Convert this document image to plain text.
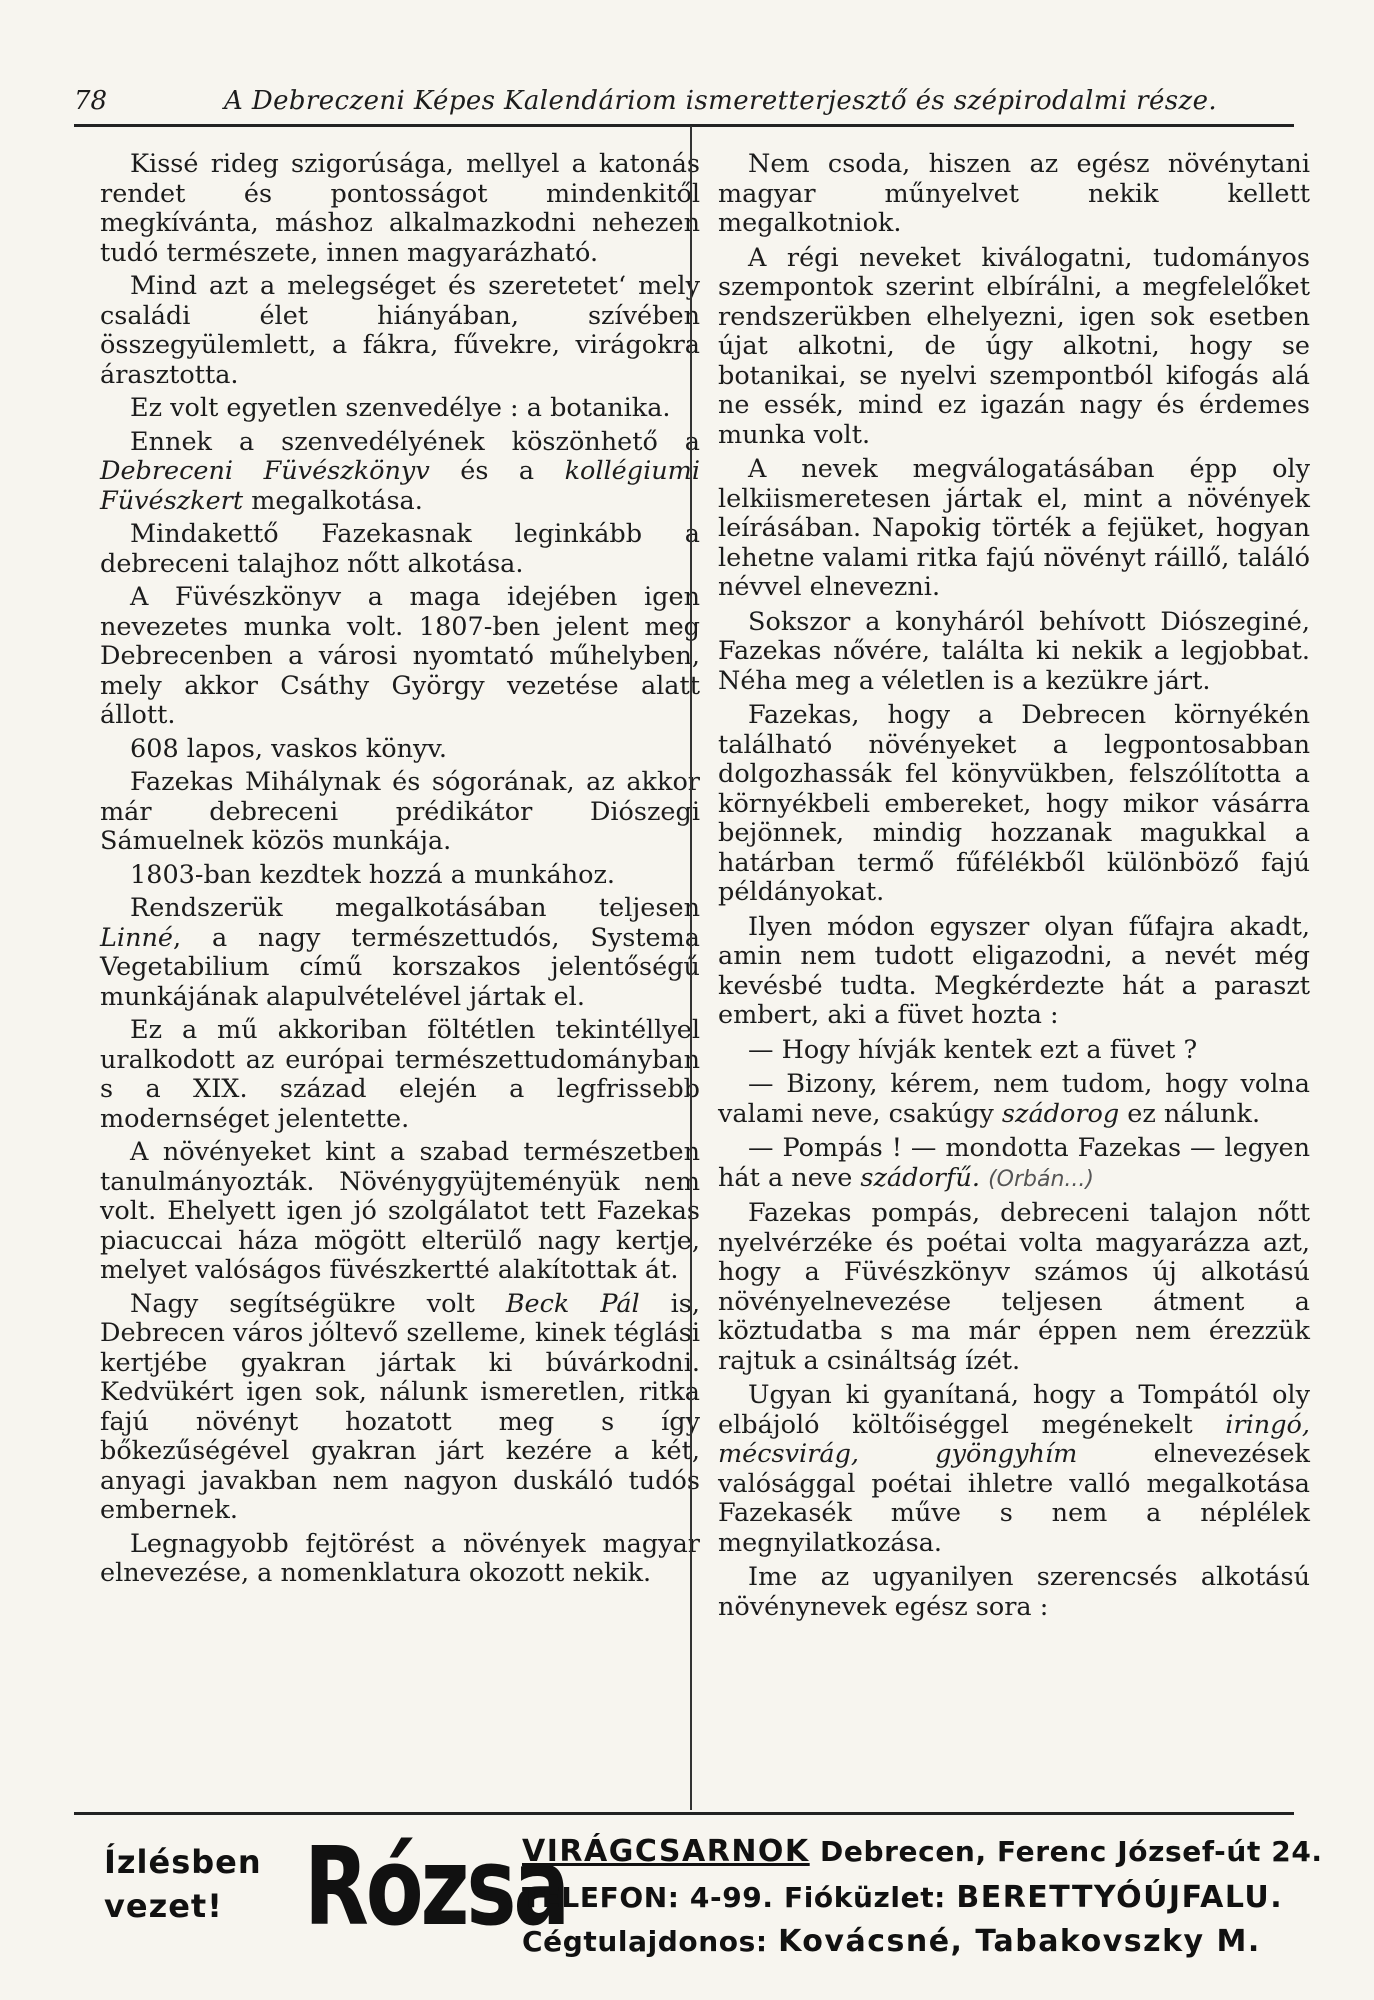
78	A Debreczeni Képes Kalendáriom ismeretterjesztő és szépirodalmi része.

Kissé rideg szigorúsága, mellyel a katonás rendet és pontosságot mindenkitől megkívánta, máshoz alkalmazkodni nehezen tudó természete, innen magyarázható.

Mind azt a melegséget és szeretetet‘ mely családi élet hiányában, szívében összegyülemlett, a fákra, fűvekre, virágokra árasztotta.

Ez volt egyetlen szenvedélye : a botanika.

Ennek a szenvedélyének köszönhető a Debreceni Füvészkönyv és a kollégiumi Füvészkert megalkotása.

Mindakettő Fazekasnak leginkább a debreceni talajhoz nőtt alkotása.

A Füvészkönyv a maga idejében igen nevezetes munka volt. 1807-ben jelent meg Debrecenben a városi nyomtató műhelyben, mely akkor Csáthy György vezetése alatt állott.

608 lapos, vaskos könyv.

Fazekas Mihálynak és sógorának, az akkor már debreceni prédikátor Diószegi Sámuelnek közös munkája.

1803-ban kezdtek hozzá a munkához.

Rendszerük megalkotásában teljesen Linné, a nagy természettudós, Systema Vegetabilium című korszakos jelentőségű munkájának alapulvételével jártak el.

Ez a mű akkoriban föltétlen tekintéllyel uralkodott az európai természettudományban s a XIX. század elején a legfrissebb modernséget jelentette.

A növényeket kint a szabad természetben tanulmányozták. Növénygyüjteményük nem volt. Ehelyett igen jó szolgálatot tett Fazekas piacuccai háza mögött elterülő nagy kertje, melyet valóságos füvészkertté alakítottak át.

Nagy segítségükre volt Beck Pál is, Debrecen város jóltevő szelleme, kinek téglási kertjébe gyakran jártak ki búvárkodni. Kedvükért igen sok, nálunk ismeretlen, ritka fajú növényt hozatott meg s így bőkezűségével gyakran járt kezére a két, anyagi javakban nem nagyon duskáló tudós embernek.

Legnagyobb fejtörést a növények magyar elnevezése, a nomenklatura okozott nekik.

Nem csoda, hiszen az egész növénytani magyar műnyelvet nekik kellett megalkotniok.

A régi neveket kiválogatni, tudományos szempontok szerint elbírálni, a megfelelőket rendszerükben elhelyezni, igen sok esetben újat alkotni, de úgy alkotni, hogy se botanikai, se nyelvi szempontból kifogás alá ne essék, mind ez igazán nagy és érdemes munka volt.

A nevek megválogatásában épp oly lelkiismeretesen jártak el, mint a növények leírásában. Napokig törték a fejüket, hogyan lehetne valami ritka fajú növényt ráillő, találó névvel elnevezni.

Sokszor a konyháról behívott Diószeginé, Fazekas nővére, találta ki nekik a legjobbat. Néha meg a véletlen is a kezükre járt.

Fazekas, hogy a Debrecen környékén található növényeket a legpontosabban dolgozhassák fel könyvükben, felszólította a környékbeli embereket, hogy mikor vásárra bejönnek, mindig hozzanak magukkal a határban termő fűfélékből különböző fajú példányokat.

Ilyen módon egyszer olyan fűfajra akadt, amin nem tudott eligazodni, a nevét még kevésbé tudta. Megkérdezte hát a paraszt embert, aki a füvet hozta :

— Hogy hívják kentek ezt a füvet ?

— Bizony, kérem, nem tudom, hogy volna valami neve, csakúgy szádorog ez nálunk.

— Pompás ! — mondotta Fazekas — legyen hát a neve szádorfű. (Orbán...)

Fazekas pompás, debreceni talajon nőtt nyelvérzéke és poétai volta magyarázza azt, hogy a Füvészkönyv számos új alkotású növényelnevezése teljesen átment a köztudatba s ma már éppen nem érezzük rajtuk a csináltság ízét.

Ugyan ki gyanítaná, hogy a Tompától oly elbájoló költőiséggel megénekelt iringó, mécsvirág, gyöngyhím elnevezések valósággal poétai ihletre valló megalkotása Fazekasék műve s nem a néplélek megnyilatkozása.

Ime az ugyanilyen szerencsés alkotású növénynevek egész sora :

Ízlésben
vezet! Rózsa
VIRÁGCSARNOK Debrecen, Ferenc József-út 24.
TELEFON: 4-99. Fióküzlet: BERETTYÓÚJFALU.
Cégtulajdonos: Kovácsné, Tabakovszky M.
